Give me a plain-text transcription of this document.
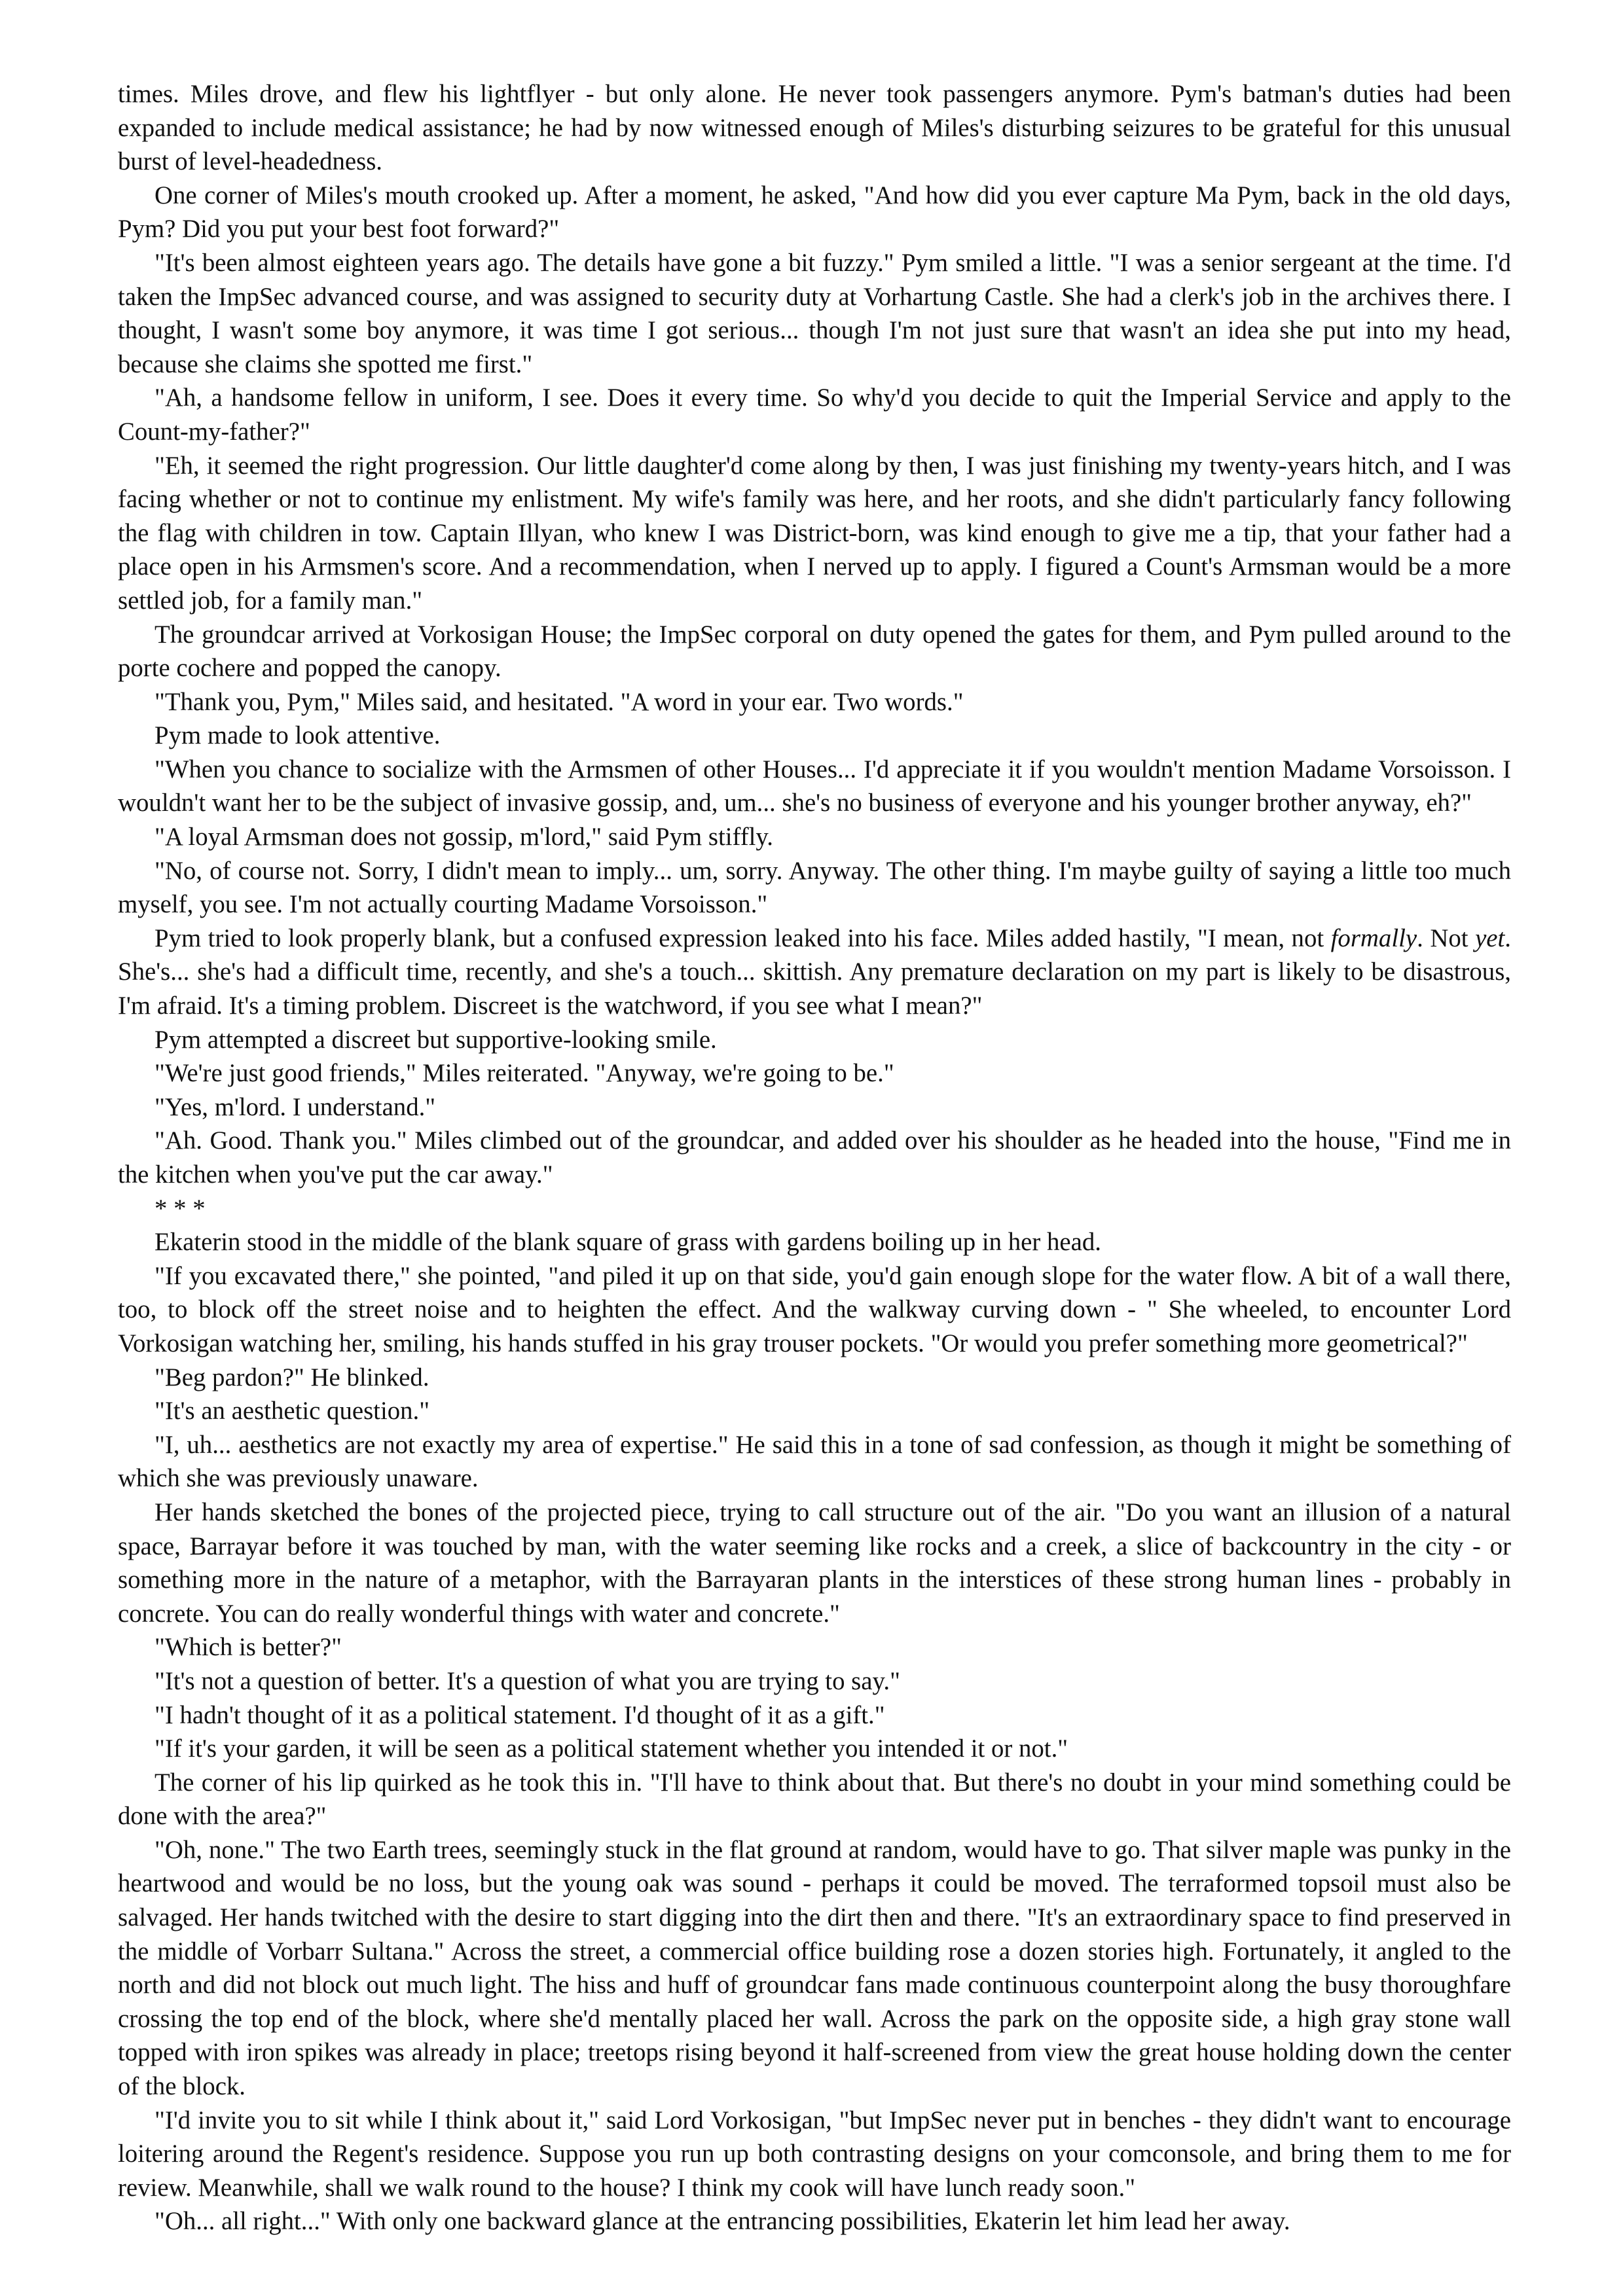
times. Miles drove, and flew his lightflyer - but only alone. He never took passengers anymore. Pym's batman's duties had been expanded to include medical assistance; he had by now witnessed enough of Miles's disturbing seizures to be grateful for this unusual burst of level-headedness.

One corner of Miles's mouth crooked up. After a moment, he asked, "And how did you ever capture Ma Pym, back in the old days, Pym? Did you put your best foot forward?"

"It's been almost eighteen years ago. The details have gone a bit fuzzy." Pym smiled a little. "I was a senior sergeant at the time. I'd taken the ImpSec advanced course, and was assigned to security duty at Vorhartung Castle. She had a clerk's job in the archives there. I thought, I wasn't some boy anymore, it was time I got serious... though I'm not just sure that wasn't an idea she put into my head, because she claims she spotted me first."

"Ah, a handsome fellow in uniform, I see. Does it every time. So why'd you decide to quit the Imperial Service and apply to the Count-my-father?"

"Eh, it seemed the right progression. Our little daughter'd come along by then, I was just finishing my twenty-years hitch, and I was facing whether or not to continue my enlistment. My wife's family was here, and her roots, and she didn't particularly fancy following the flag with children in tow. Captain Illyan, who knew I was District-born, was kind enough to give me a tip, that your father had a place open in his Armsmen's score. And a recommendation, when I nerved up to apply. I figured a Count's Armsman would be a more settled job, for a family man."

The groundcar arrived at Vorkosigan House; the ImpSec corporal on duty opened the gates for them, and Pym pulled around to the porte cochere and popped the canopy.

"Thank you, Pym," Miles said, and hesitated. "A word in your ear. Two words."

Pym made to look attentive.

"When you chance to socialize with the Armsmen of other Houses... I'd appreciate it if you wouldn't mention Madame Vorsoisson. I wouldn't want her to be the subject of invasive gossip, and, um... she's no business of everyone and his younger brother anyway, eh?"

"A loyal Armsman does not gossip, m'lord," said Pym stiffly.

"No, of course not. Sorry, I didn't mean to imply... um, sorry. Anyway. The other thing. I'm maybe guilty of saying a little too much myself, you see. I'm not actually courting Madame Vorsoisson."

Pym tried to look properly blank, but a confused expression leaked into his face. Miles added hastily, "I mean, not formally. Not yet. She's... she's had a difficult time, recently, and she's a touch... skittish. Any premature declaration on my part is likely to be disastrous, I'm afraid. It's a timing problem. Discreet is the watchword, if you see what I mean?"

Pym attempted a discreet but supportive-looking smile.

"We're just good friends," Miles reiterated. "Anyway, we're going to be."

"Yes, m'lord. I understand."

"Ah. Good. Thank you." Miles climbed out of the groundcar, and added over his shoulder as he headed into the house, "Find me in the kitchen when you've put the car away."

* * *

Ekaterin stood in the middle of the blank square of grass with gardens boiling up in her head.

"If you excavated there," she pointed, "and piled it up on that side, you'd gain enough slope for the water flow. A bit of a wall there, too, to block off the street noise and to heighten the effect. And the walkway curving down - " She wheeled, to encounter Lord Vorkosigan watching her, smiling, his hands stuffed in his gray trouser pockets. "Or would you prefer something more geometrical?"

"Beg pardon?" He blinked.

"It's an aesthetic question."

"I, uh... aesthetics are not exactly my area of expertise." He said this in a tone of sad confession, as though it might be something of which she was previously unaware.

Her hands sketched the bones of the projected piece, trying to call structure out of the air. "Do you want an illusion of a natural space, Barrayar before it was touched by man, with the water seeming like rocks and a creek, a slice of backcountry in the city - or something more in the nature of a metaphor, with the Barrayaran plants in the interstices of these strong human lines - probably in concrete. You can do really wonderful things with water and concrete."

"Which is better?"

"It's not a question of better. It's a question of what you are trying to say."

"I hadn't thought of it as a political statement. I'd thought of it as a gift."

"If it's your garden, it will be seen as a political statement whether you intended it or not."

The corner of his lip quirked as he took this in. "I'll have to think about that. But there's no doubt in your mind something could be done with the area?"

"Oh, none." The two Earth trees, seemingly stuck in the flat ground at random, would have to go. That silver maple was punky in the heartwood and would be no loss, but the young oak was sound - perhaps it could be moved. The terraformed topsoil must also be salvaged. Her hands twitched with the desire to start digging into the dirt then and there. "It's an extraordinary space to find preserved in the middle of Vorbarr Sultana." Across the street, a commercial office building rose a dozen stories high. Fortunately, it angled to the north and did not block out much light. The hiss and huff of groundcar fans made continuous counterpoint along the busy thoroughfare crossing the top end of the block, where she'd mentally placed her wall. Across the park on the opposite side, a high gray stone wall topped with iron spikes was already in place; treetops rising beyond it half-screened from view the great house holding down the center of the block.

"I'd invite you to sit while I think about it," said Lord Vorkosigan, "but ImpSec never put in benches - they didn't want to encourage loitering around the Regent's residence. Suppose you run up both contrasting designs on your comconsole, and bring them to me for review. Meanwhile, shall we walk round to the house? I think my cook will have lunch ready soon."

"Oh... all right..." With only one backward glance at the entrancing possibilities, Ekaterin let him lead her away.
